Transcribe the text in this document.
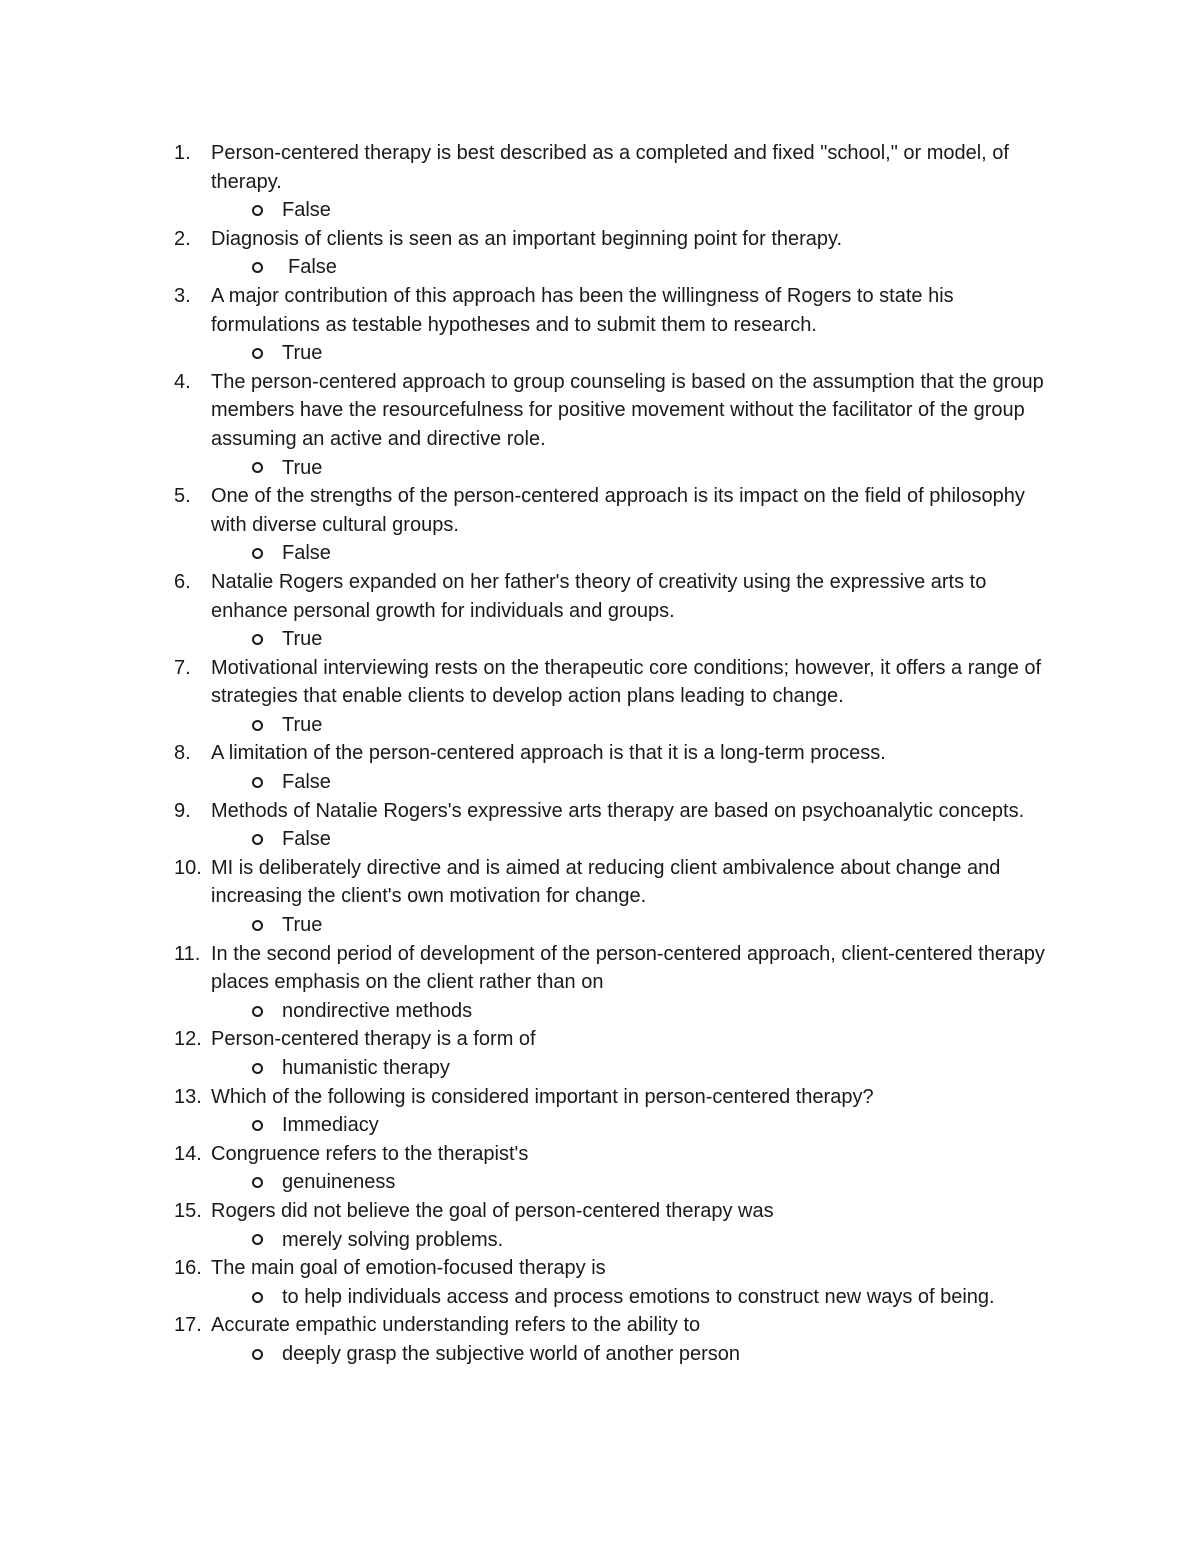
1.	Person-centered therapy is best described as a completed and fixed "school," or model, of therapy.
False
2.	Diagnosis of clients is seen as an important beginning point for therapy.
False
3.	A major contribution of this approach has been the willingness of Rogers to state his formulations as testable hypotheses and to submit them to research.
True
4.	The person-centered approach to group counseling is based on the assumption that the group members have the resourcefulness for positive movement without the facilitator of the group assuming an active and directive role.
True
5.	One of the strengths of the person-centered approach is its impact on the field of philosophy with diverse cultural groups.
False
6.	Natalie Rogers expanded on her father's theory of creativity using the expressive arts to enhance personal growth for individuals and groups.
True
7.	Motivational interviewing rests on the therapeutic core conditions; however, it offers a range of strategies that enable clients to develop action plans leading to change.
True
8.	A limitation of the person-centered approach is that it is a long-term process.
False
9.	Methods of Natalie Rogers's expressive arts therapy are based on psychoanalytic concepts.
False
10. MI is deliberately directive and is aimed at reducing client ambivalence about change and increasing the client's own motivation for change.
True
11. In the second period of development of the person-centered approach, client-centered therapy places emphasis on the client rather than on
nondirective methods
12. Person-centered therapy is a form of
humanistic therapy
13. Which of the following is considered important in person-centered therapy?
Immediacy
14. Congruence refers to the therapist's
genuineness
15. Rogers did not believe the goal of person-centered therapy was
merely solving problems.
16. The main goal of emotion-focused therapy is
to help individuals access and process emotions to construct new ways of being.
17. Accurate empathic understanding refers to the ability to
deeply grasp the subjective world of another person
